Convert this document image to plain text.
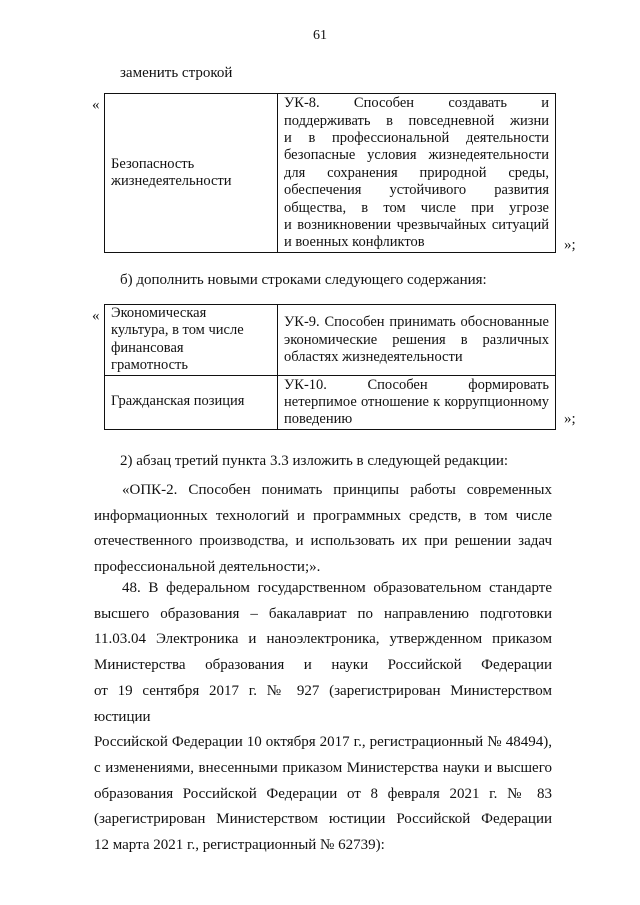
61
заменить строкой
«
Безопасность
жизнедеятельности

УК-8. Способен создавать и
поддерживать в повседневной жизни
и в профессиональной деятельности
безопасные условия жизнедеятельности
для сохранения природной среды,
обеспечения устойчивого развития
общества, в том числе при угрозе
и возникновении чрезвычайных ситуаций
и военных конфликтов	»;
б) дополнить новыми строками следующего содержания:
« Экономическая
культура, в том числе
финансовая
грамотность	УК-9. Способен принимать обоснованные
экономические решения в различных
областях жизнедеятельности

Гражданская позиция	УК-10. Способен формировать
нетерпимое отношение к коррупционному
поведению	»;
2) абзац третий пункта 3.3 изложить в следующей редакции:
«ОПК-2. Способен понимать принципы работы современных
информационных технологий и программных средств, в том числе
отечественного производства, и использовать их при решении задач
профессиональной деятельности;».
48. В федеральном государственном образовательном стандарте
высшего образования – бакалавриат по направлению подготовки
11.03.04 Электроника и наноэлектроника, утвержденном приказом
Министерства образования и науки Российской Федерации
от 19 сентября 2017 г. № 927 (зарегистрирован Министерством юстиции
Российской Федерации 10 октября 2017 г., регистрационный № 48494),
с изменениями, внесенными приказом Министерства науки и высшего
образования Российской Федерации от 8 февраля 2021 г. № 83
(зарегистрирован Министерством юстиции Российской Федерации
12 марта 2021 г., регистрационный № 62739):
